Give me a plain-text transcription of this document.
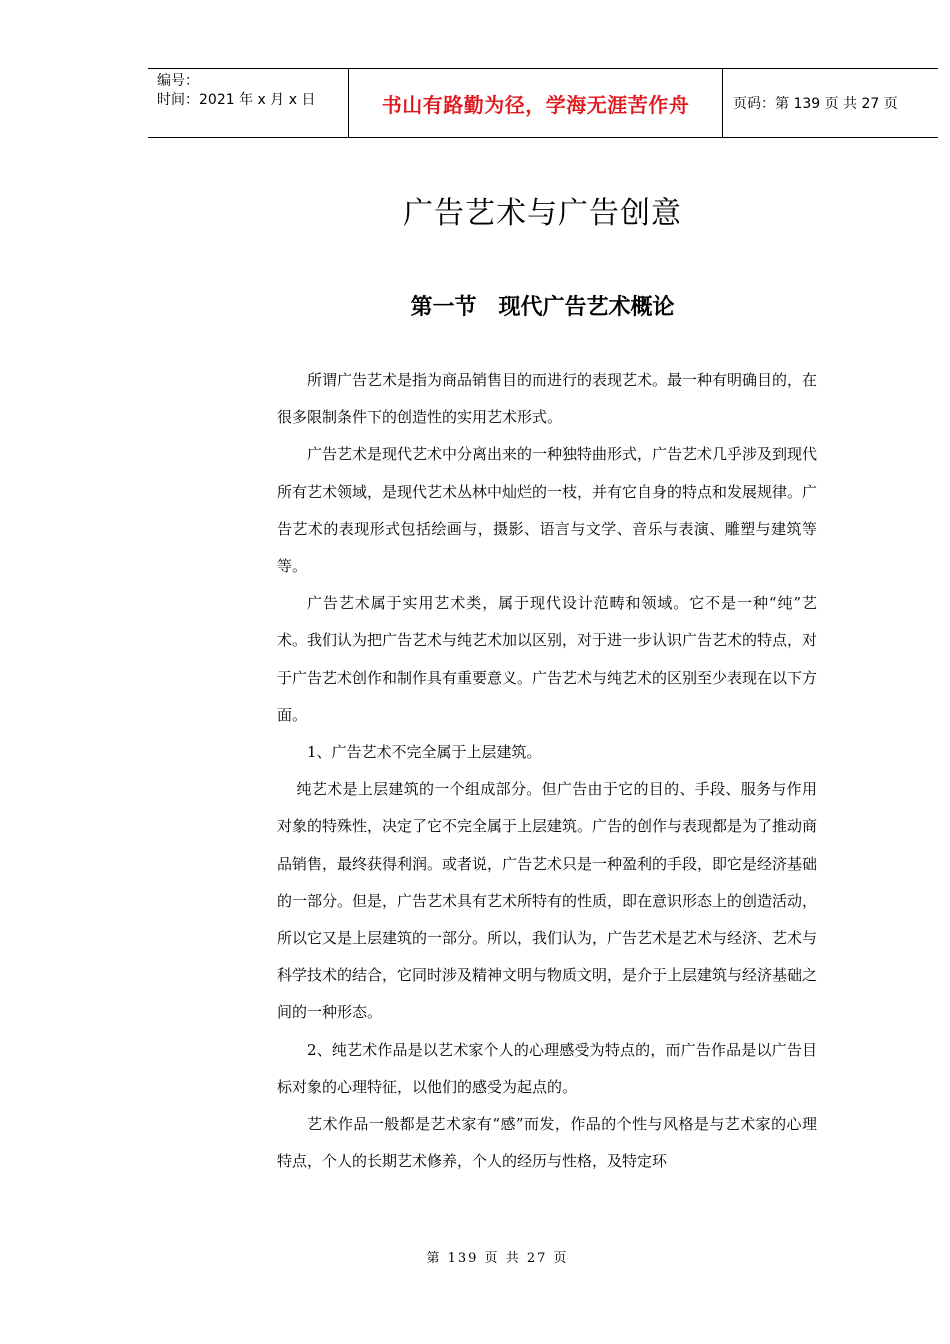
编号：
时间：2021 年 x 月 x 日	书山有路勤为径，学海无涯苦作舟	页码：第 139 页 共 27 页
广告艺术与广告创意
第一节　现代广告艺术概论

所谓广告艺术是指为商品销售目的而进行的表现艺术。最一种有明确目的，在很多限制条件下的创造性的实用艺术形式。

广告艺术是现代艺术中分离出来的一种独特曲形式，广告艺术几乎涉及到现代所有艺术领域，是现代艺术丛林中灿烂的一枝，并有它自身的特点和发展规律。广告艺术的表现形式包括绘画与，摄影、语言与文学、音乐与表演、雕塑与建筑等等。

广告艺术属于实用艺术类，属于现代设计范畴和领域。它不是一种“纯”艺术。我们认为把广告艺术与纯艺术加以区别，对于进一步认识广告艺术的特点，对于广告艺术创作和制作具有重要意义。广告艺术与纯艺术的区别至少表现在以下方面。

1、广告艺术不完全属于上层建筑。

纯艺术是上层建筑的一个组成部分。但广告由于它的目的、手段、服务与作用对象的特殊性，决定了它不完全属于上层建筑。广告的创作与表现都是为了推动商品销售，最终获得利润。或者说，广告艺术只是一种盈利的手段，即它是经济基础的一部分。但是，广告艺术具有艺术所特有的性质，即在意识形态上的创造活动，所以它又是上层建筑的一部分。所以，我们认为，广告艺术是艺术与经济、艺术与科学技术的结合，它同时涉及精神文明与物质文明，是介于上层建筑与经济基础之间的一种形态。

2、纯艺术作品是以艺术家个人的心理感受为特点的，而广告作品是以广告目标对象的心理特征，以他们的感受为起点的。

艺术作品一般都是艺术家有“感”而发，作品的个性与风格是与艺术家的心理特点，个人的长期艺术修养，个人的经历与性格，及特定环

第 139 页 共 27 页
